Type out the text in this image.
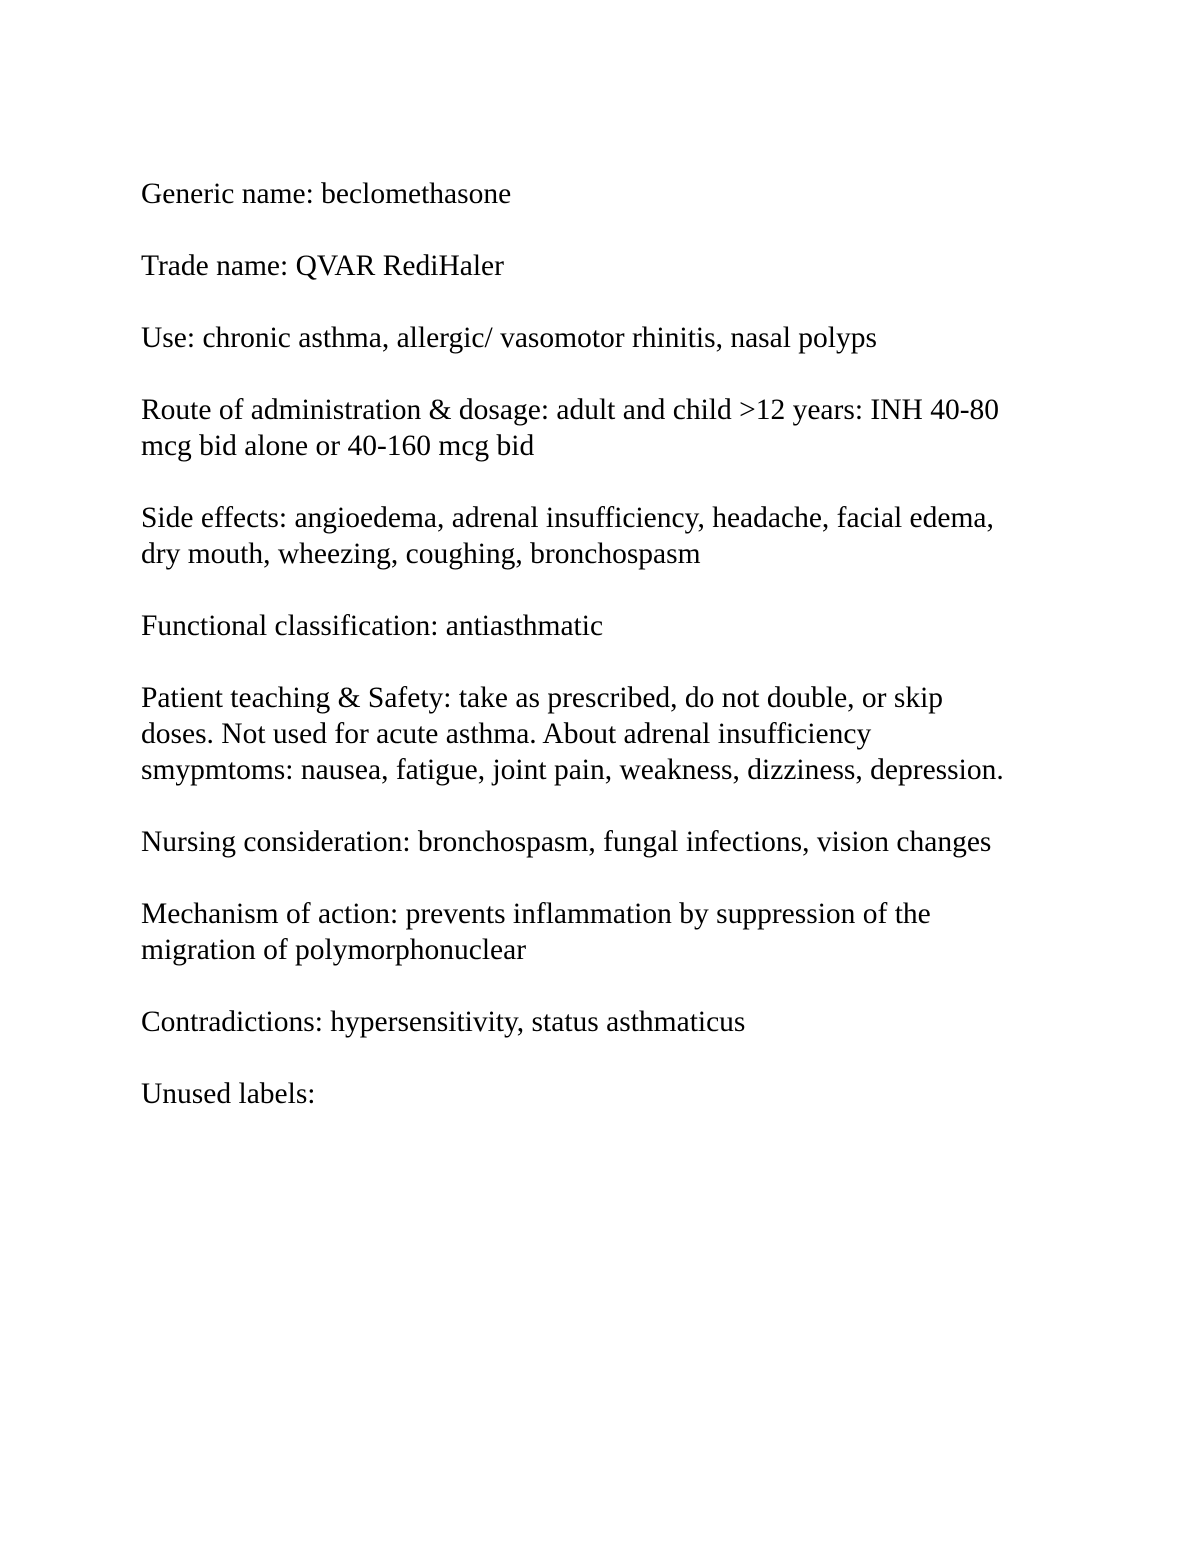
Generic name: beclomethasone

Trade name: QVAR RediHaler

Use: chronic asthma, allergic/ vasomotor rhinitis, nasal polyps

Route of administration & dosage: adult and child >12 years: INH 40-80
mcg bid alone or 40-160 mcg bid

Side effects: angioedema, adrenal insufficiency, headache, facial edema,
dry mouth, wheezing, coughing, bronchospasm

Functional classification: antiasthmatic

Patient teaching & Safety: take as prescribed, do not double, or skip
doses. Not used for acute asthma. About adrenal insufficiency
smypmtoms: nausea, fatigue, joint pain, weakness, dizziness, depression.

Nursing consideration: bronchospasm, fungal infections, vision changes

Mechanism of action: prevents inflammation by suppression of the
migration of polymorphonuclear

Contradictions: hypersensitivity, status asthmaticus

Unused labels:
